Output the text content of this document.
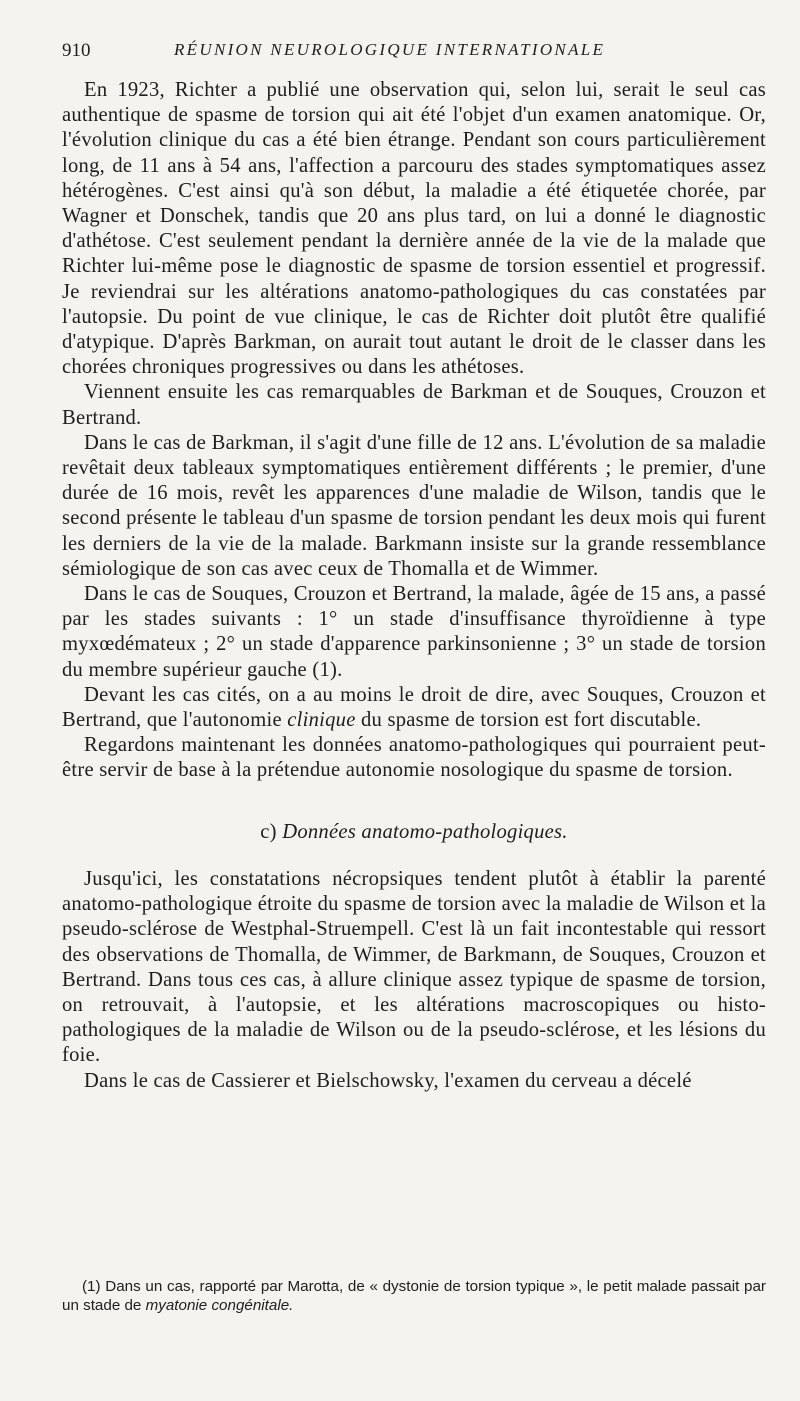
910	RÉUNION NEUROLOGIQUE INTERNATIONALE

En 1923, Richter a publié une observation qui, selon lui, serait le seul cas authentique de spasme de torsion qui ait été l'objet d'un examen anatomique. Or, l'évolution clinique du cas a été bien étrange. Pendant son cours particulièrement long, de 11 ans à 54 ans, l'affection a parcouru des stades symptomatiques assez hétérogènes. C'est ainsi qu'à son début, la maladie a été étiquetée chorée, par Wagner et Donschek, tandis que 20 ans plus tard, on lui a donné le diagnostic d'athétose. C'est seulement pendant la dernière année de la vie de la malade que Richter lui-même pose le diagnostic de spasme de torsion essentiel et progressif. Je reviendrai sur les altérations anatomo-pathologiques du cas constatées par l'autopsie. Du point de vue clinique, le cas de Richter doit plutôt être qualifié d'atypique. D'après Barkman, on aurait tout autant le droit de le classer dans les chorées chroniques progressives ou dans les athétoses.

Viennent ensuite les cas remarquables de Barkman et de Souques, Crouzon et Bertrand.

Dans le cas de Barkman, il s'agit d'une fille de 12 ans. L'évolution de sa maladie revêtait deux tableaux symptomatiques entièrement différents ; le premier, d'une durée de 16 mois, revêt les apparences d'une maladie de Wilson, tandis que le second présente le tableau d'un spasme de torsion pendant les deux mois qui furent les derniers de la vie de la malade. Barkmann insiste sur la grande ressemblance sémiologique de son cas avec ceux de Thomalla et de Wimmer.

Dans le cas de Souques, Crouzon et Bertrand, la malade, âgée de 15 ans, a passé par les stades suivants : 1° un stade d'insuffisance thyroïdienne à type myxœdémateux ; 2° un stade d'apparence parkinsonienne ; 3° un stade de torsion du membre supérieur gauche (1).

Devant les cas cités, on a au moins le droit de dire, avec Souques, Crouzon et Bertrand, que l'autonomie clinique du spasme de torsion est fort discutable.

Regardons maintenant les données anatomo-pathologiques qui pourraient peut-être servir de base à la prétendue autonomie nosologique du spasme de torsion.

c) Données anatomo-pathologiques.

Jusqu'ici, les constatations nécropsiques tendent plutôt à établir la parenté anatomo-pathologique étroite du spasme de torsion avec la maladie de Wilson et la pseudo-sclérose de Westphal-Struempell. C'est là un fait incontestable qui ressort des observations de Thomalla, de Wimmer, de Barkmann, de Souques, Crouzon et Bertrand. Dans tous ces cas, à allure clinique assez typique de spasme de torsion, on retrouvait, à l'autopsie, et les altérations macroscopiques ou histo-pathologiques de la maladie de Wilson ou de la pseudo-sclérose, et les lésions du foie.

Dans le cas de Cassierer et Bielschowsky, l'examen du cerveau a décelé

(1) Dans un cas, rapporté par Marotta, de « dystonie de torsion typique », le petit malade passait par un stade de myatonie congénitale.
